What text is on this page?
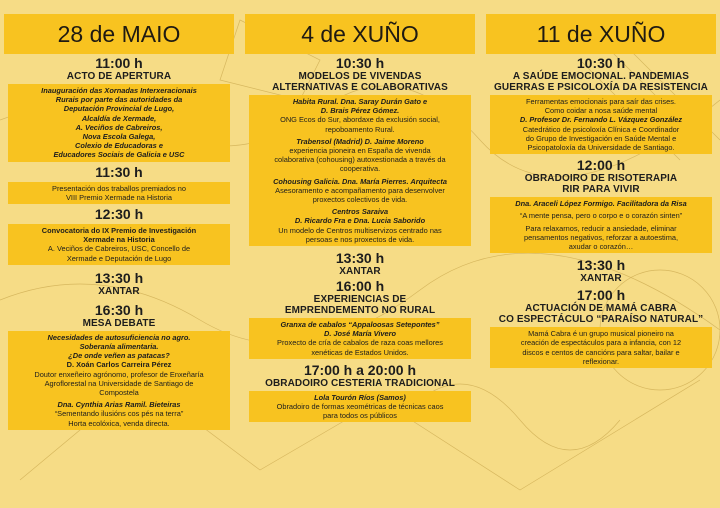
28 de MAIO
11:00 h
ACTO DE APERTURA

Inauguración das Xornadas Interxeracionais

Rurais por parte das autoridades da

Deputación Provincial de Lugo,

Alcaldía de Xermade,

A. Veciños de Cabreiros,

Nova Escola Galega,

Colexio de Educadoras e

Educadores Sociais de Galicia e USC

11:30 h

Presentación dos traballos premiados no

VIII Premio Xermade na Historia

12:30 h

Convocatoria do IX Premio de Investigación

Xermade na Historia

A. Veciños de Cabreiros, USC, Concello de

Xermade e Deputación de Lugo

13:30 h
XANTAR
16:30 h
MESA DEBATE

Necesidades de autosuficiencia no agro.

Soberanía alimentaria.

¿De onde veñen as patacas?

D. Xoán Carlos Carreira Pérez

Doutor enxeñeiro agrónomo, profesor de Enxeñaría

Agroflorestal na Universidade de Santiago de

Compostela

Dna. Cynthia Arias Ramil. Bieteiras

“Sementando ilusións cos pés na terra”

Horta ecolóxica, venda directa.

4 de XUÑO
10:30 h
MODELOS DE VIVENDAS
ALTERNATIVAS E COLABORATIVAS

Habita Rural. Dna. Saray Durán Gato e

D. Brais Pérez Gómez.

ONG Ecos do Sur, abordaxe da exclusión social,

repoboamento Rural.

Trabensol (Madrid) D. Jaime Moreno

experiencia pioneira en España de vivenda

colaborativa (cohousing) autoxestionada a través da

cooperativa.

Cohousing Galicia. Dna. María Pierres. Arquitecta

Asesoramento e acompañamento para desenvolver

proxectos colectivos de vida.

Centros Saraiva

D. Ricardo Fra e Dna. Lucia Saborido

Un modelo de Centros multiservizos centrado nas

persoas e nos proxectos de vida.

13:30 h
XANTAR
16:00 h
EXPERIENCIAS DE
EMPRENDEMENTO NO RURAL

Granxa de cabalos “Appaloosas Setepontes”

D. José María Vivero

Proxecto de cría de cabalos de raza coas mellores

xenéticas de Estados Unidos.

17:00 h a 20:00 h
OBRADOIRO CESTERIA TRADICIONAL

Lola Tourón Ríos (Samos)

Obradoiro de formas xeométricas de técnicas caos

para todos os públicos

11 de XUÑO
10:30 h
A SAÚDE EMOCIONAL. PANDEMIAS
GUERRAS E PSICOLOXÍA DA RESISTENCIA

Ferramentas emocionais para saír das crises.

Como coidar a nosa saúde mental

D. Profesor Dr. Fernando L. Vázquez González

Catedrático de psicoloxía Clínica e Coordinador

do Grupo de Investigación en Saúde Mental e

Psicopatoloxía da Universidade de Santiago.

12:00 h
OBRADOIRO DE RISOTERAPIA
RIR PARA VIVIR

Dna. Araceli López Formigo. Facilitadora da Risa

“A mente pensa, pero o corpo e o corazón sinten”

Para relaxarnos, reducir a ansiedade, eliminar

pensamentos negativos, reforzar a autoestima,

axudar o corazón…

13:30 h
XANTAR
17:00 h
ACTUACIÓN DE MAMÁ CABRA
CO ESPECTÁCULO “PARAÍSO NATURAL”

Mamá Cabra é un grupo musical pioneiro na

creación de espectáculos para a infancia, con 12

discos e centos de cancións para saltar, bailar e

reflexionar.
